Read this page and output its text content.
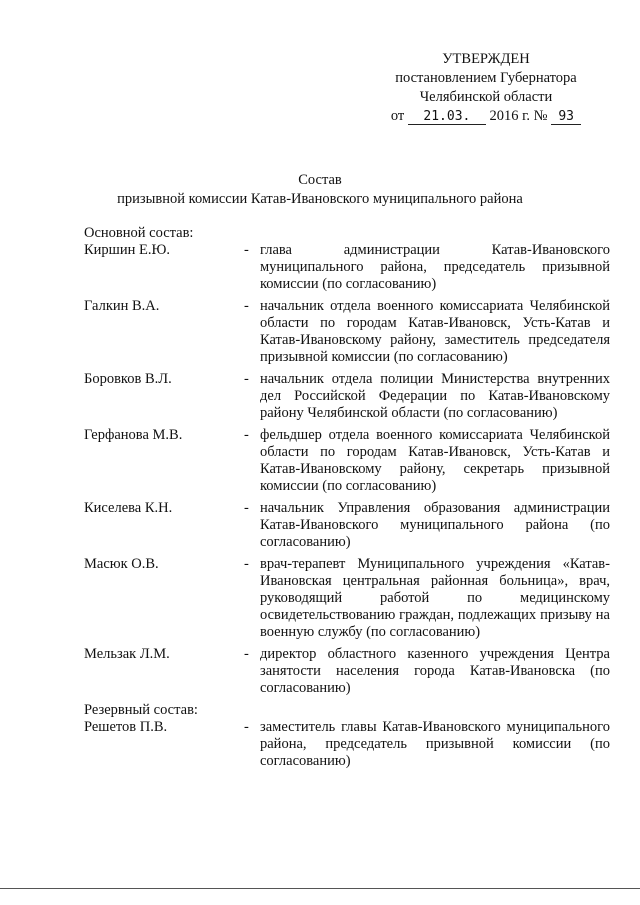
УТВЕРЖДЕН
постановлением Губернатора
Челябинской области
от 21.03. 2016 г. № 93
Состав
призывной комиссии Катав-Ивановского муниципального района
Основной состав:
Киршин Е.Ю.	- глава администрации Катав-Ивановского муниципального района, председатель призывной комиссии (по согласованию)
Галкин В.А.	- начальник отдела военного комиссариата Челябинской области по городам Катав-Ивановск, Усть-Катав и Катав-Ивановскому району, заместитель председателя призывной комиссии (по согласованию)
Боровков В.Л.	- начальник отдела полиции Министерства внутренних дел Российской Федерации по Катав-Ивановскому району Челябинской области (по согласованию)
Герфанова М.В.	- фельдшер отдела военного комиссариата Челябинской области по городам Катав-Ивановск, Усть-Катав и Катав-Ивановскому району, секретарь призывной комиссии (по согласованию)
Киселева К.Н.	- начальник Управления образования администрации Катав-Ивановского муниципального района (по согласованию)
Масюк О.В.	- врач-терапевт Муниципального учреждения «Катав-Ивановская центральная районная больница», врач, руководящий работой по медицинскому освидетельствованию граждан, подлежащих призыву на военную службу (по согласованию)
Мельзак Л.М.	- директор областного казенного учреждения Центра занятости населения города Катав-Ивановска (по согласованию)
Резервный состав:
Решетов П.В.	- заместитель главы Катав-Ивановского муниципального района, председатель призывной комиссии (по согласованию)
